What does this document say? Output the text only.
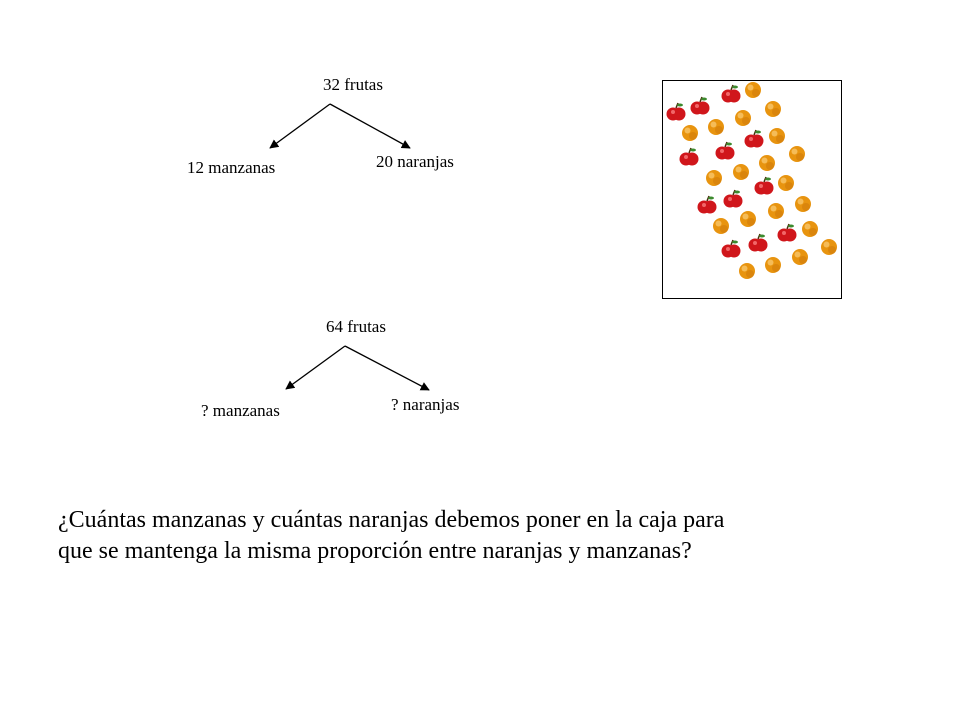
32 frutas
12 manzanas	20 naranjas
64 frutas
? manzanas	? naranjas
¿Cuántas manzanas y cuántas naranjas debemos poner en la caja para
que se mantenga la misma proporción entre naranjas y manzanas?
